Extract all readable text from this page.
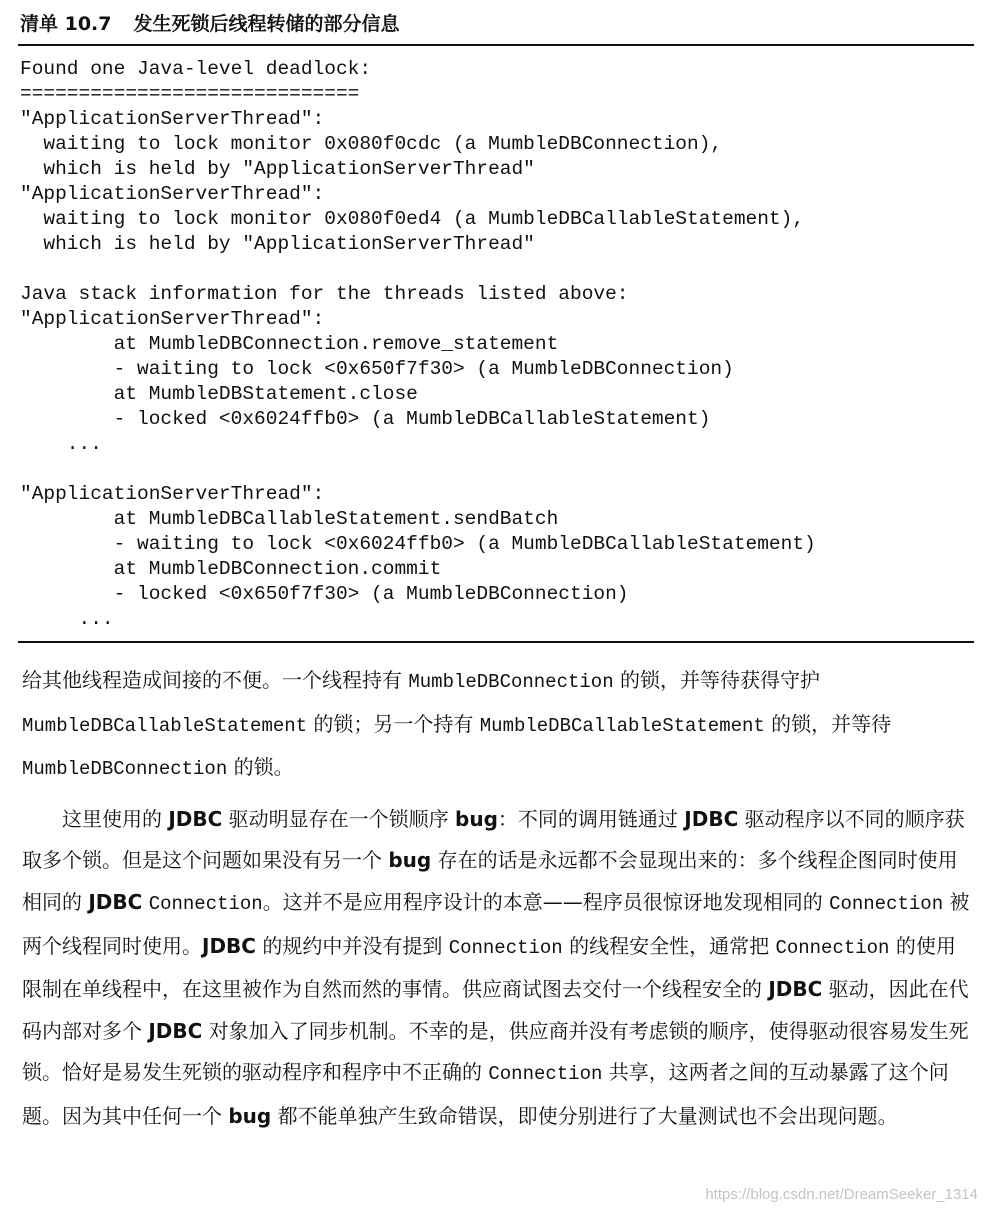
清单 10.7 发生死锁后线程转储的部分信息
Found one Java-level deadlock:
=============================
"ApplicationServerThread":
waiting to lock monitor 0x080f0cdc (a MumbleDBConnection),
which is held by "ApplicationServerThread"
"ApplicationServerThread":
waiting to lock monitor 0x080f0ed4 (a MumbleDBCallableStatement),
which is held by "ApplicationServerThread"
Java stack information for the threads listed above:
"ApplicationServerThread":
at MumbleDBConnection.remove_statement
- waiting to lock <0x650f7f30> (a MumbleDBConnection)
at MumbleDBStatement.close
- locked <0x6024ffb0> (a MumbleDBCallableStatement)
...
"ApplicationServerThread":
at MumbleDBCallableStatement.sendBatch
- waiting to lock <0x6024ffb0> (a MumbleDBCallableStatement)
at MumbleDBConnection.commit
- locked <0x650f7f30> (a MumbleDBConnection)
...

给其他线程造成间接的不便。一个线程持有 MumbleDBConnection 的锁，并等待获得守护 MumbleDBCallableStatement 的锁；另一个持有 MumbleDBCallableStatement 的锁，并等待 MumbleDBConnection 的锁。

这里使用的 JDBC 驱动明显存在一个锁顺序 bug：不同的调用链通过 JDBC 驱动程序以不同的顺序获取多个锁。但是这个问题如果没有另一个 bug 存在的话是永远都不会显现出来的：多个线程企图同时使用相同的 JDBC Connection。这并不是应用程序设计的本意——程序员很惊讶地发现相同的 Connection 被两个线程同时使用。JDBC 的规约中并没有提到 Connection 的线程安全性，通常把 Connection 的使用限制在单线程中，在这里被作为自然而然的事情。供应商试图去交付一个线程安全的 JDBC 驱动，因此在代码内部对多个 JDBC 对象加入了同步机制。不幸的是，供应商并没有考虑锁的顺序，使得驱动很容易发生死锁。恰好是易发生死锁的驱动程序和程序中不正确的 Connection 共享，这两者之间的互动暴露了这个问题。因为其中任何一个 bug 都不能单独产生致命错误，即使分别进行了大量测试也不会出现问题。

https://blog.csdn.net/DreamSeeker_1314
